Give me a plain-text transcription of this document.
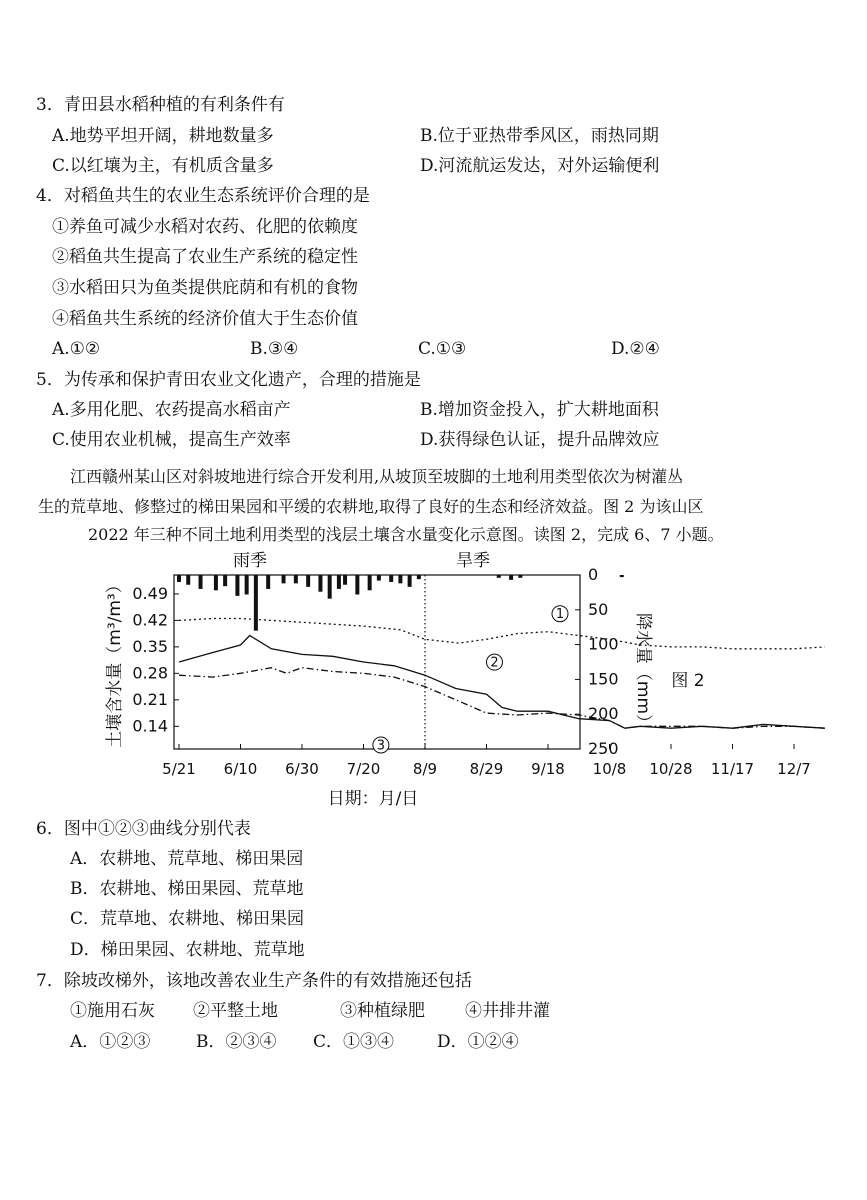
3．青田县水稻种植的有利条件有
A.地势平坦开阔，耕地数量多	B.位于亚热带季风区，雨热同期
C.以红壤为主，有机质含量多	D.河流航运发达，对外运输便利
4．对稻鱼共生的农业生态系统评价合理的是
①养鱼可减少水稻对农药、化肥的依赖度
②稻鱼共生提高了农业生产系统的稳定性
③水稻田只为鱼类提供庇荫和有机的食物
④稻鱼共生系统的经济价值大于生态价值
A.①②	B.③④	C.①③	D.②④
5．为传承和保护青田农业文化遗产，合理的措施是
A.多用化肥、农药提高水稻亩产	B.增加资金投入，扩大耕地面积
C.使用农业机械，提高生产效率	D.获得绿色认证，提升品牌效应
江西赣州某山区对斜坡地进行综合开发利用,从坡顶至坡脚的土地利用类型依次为树灌丛
生的荒草地、修整过的梯田果园和平缓的农耕地,取得了良好的生态和经济效益。图 2 为该山区
2022 年三种不同土地利用类型的浅层土壤含水量变化示意图。读图 2，完成 6、7 小题。
0.49
0.42
0.35
0.28
0.21
0.14
0
50
100
150
200
250
5/21 6/10 6/30 7/20 8/9 8/29 9/18 10/8 10/28 11/17 12/7
1
2
3
雨季	旱季
土壤含水量（m³/m³）	降水量（mm）
日期：月/日
图 2
6．图中①②③曲线分别代表
A．农耕地、荒草地、梯田果园
B．农耕地、梯田果园、荒草地
C．荒草地、农耕地、梯田果园
D．梯田果园、农耕地、荒草地
7．除坡改梯外，该地改善农业生产条件的有效措施还包括
①施用石灰 ②平整土地	③种植绿肥 ④井排井灌
A．①②③	B．②③④ C．①③④	D．①②④
